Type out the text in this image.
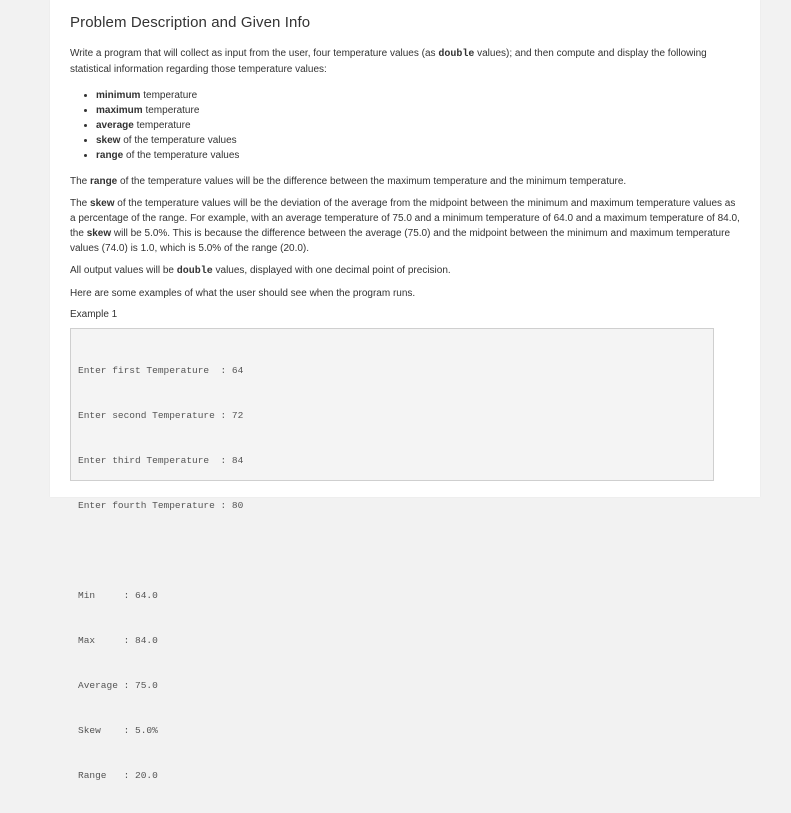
Problem Description and Given Info

Write a program that will collect as input from the user, four temperature values (as double values); and then compute and display the following statistical information regarding those temperature values:

• minimum temperature
• maximum temperature
• average temperature
• skew of the temperature values
• range of the temperature values

The range of the temperature values will be the difference between the maximum temperature and the minimum temperature.

The skew of the temperature values will be the deviation of the average from the midpoint between the minimum and maximum temperature values as a percentage of the range. For example, with an average temperature of 75.0 and a minimum temperature of 64.0 and a maximum temperature of 84.0, the skew will be 5.0%. This is because the difference between the average (75.0) and the midpoint between the minimum and maximum temperature values (74.0) is 1.0, which is 5.0% of the range (20.0).

All output values will be double values, displayed with one decimal point of precision.

Here are some examples of what the user should see when the program runs.

Example 1

Enter first Temperature  : 64

Enter second Temperature : 72

Enter third Temperature  : 84

Enter fourth Temperature : 80

Min     : 64.0

Max     : 84.0

Average : 75.0

Skew    : 5.0%

Range   : 20.0
